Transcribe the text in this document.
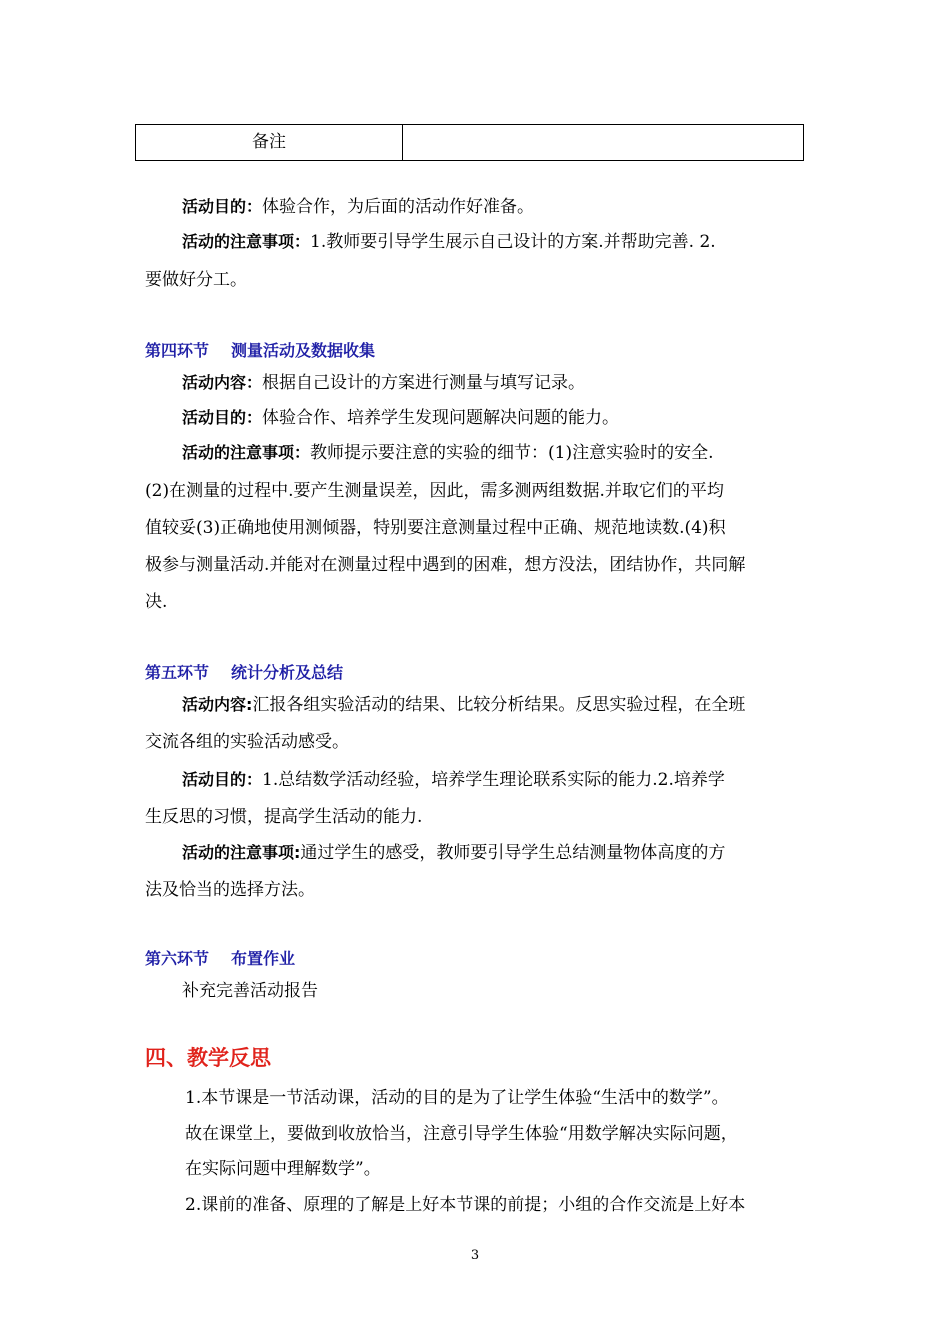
备注	
活动目的：体验合作，为后面的活动作好准备。
活动的注意事项：1.教师要引导学生展示自己设计的方案.并帮助完善. 2.
要做好分工。
第四环节 测量活动及数据收集
活动内容：根据自己设计的方案进行测量与填写记录。
活动目的：体验合作、培养学生发现问题解决问题的能力。
活动的注意事项：教师提示要注意的实验的细节：(1)注意实验时的安全.
(2)在测量的过程中.要产生测量误差，因此，需多测两组数据.并取它们的平均
值较妥(3)正确地使用测倾器，特别要注意测量过程中正确、规范地读数.(4)积
极参与测量活动.并能对在测量过程中遇到的困难，想方没法，团结协作，共同解
决.
第五环节 统计分析及总结
活动内容:汇报各组实验活动的结果、比较分析结果。反思实验过程，在全班
交流各组的实验活动感受。
活动目的：1.总结数学活动经验，培养学生理论联系实际的能力.2.培养学
生反思的习惯，提高学生活动的能力.
活动的注意事项:通过学生的感受，教师要引导学生总结测量物体高度的方
法及恰当的选择方法。
第六环节 布置作业
补充完善活动报告
四、教学反思
1.本节课是一节活动课，活动的目的是为了让学生体验“生活中的数学”。
故在课堂上，要做到收放恰当，注意引导学生体验“用数学解决实际问题，
在实际问题中理解数学”。
2.课前的准备、原理的了解是上好本节课的前提；小组的合作交流是上好本
3
